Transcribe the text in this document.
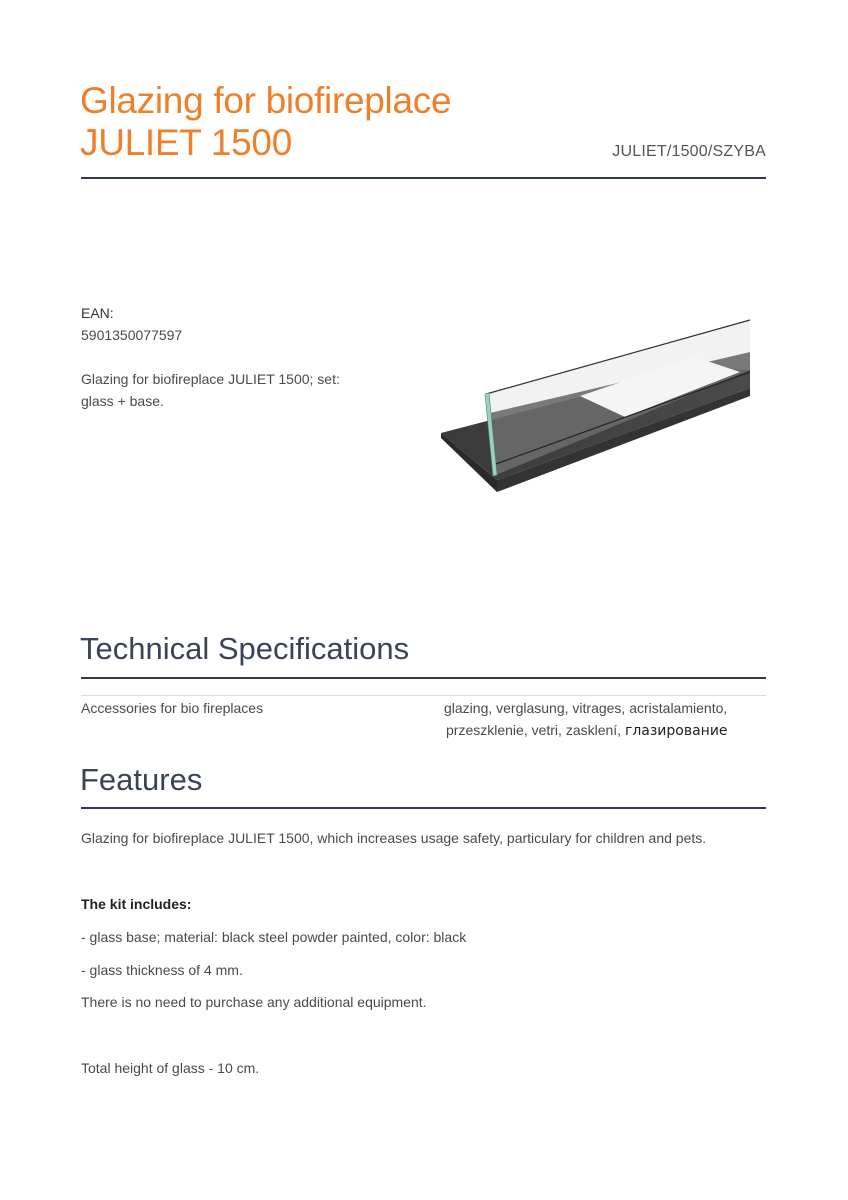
Glazing for biofireplace
JULIET 1500	JULIET/1500/SZYBA
EAN:
5901350077597
Glazing for biofireplace JULIET 1500; set:
glass + base.
Technical Specifications
Accessories for bio fireplaces	glazing, verglasung, vitrages, acristalamiento,
przeszklenie, vetri, zasklení, глазирование
Features
Glazing for biofireplace JULIET 1500, which increases usage safety, particulary for children and pets.
The kit includes:
- glass base; material: black steel powder painted, color: black
- glass thickness of 4 mm.
There is no need to purchase any additional equipment.
Total height of glass - 10 cm.
